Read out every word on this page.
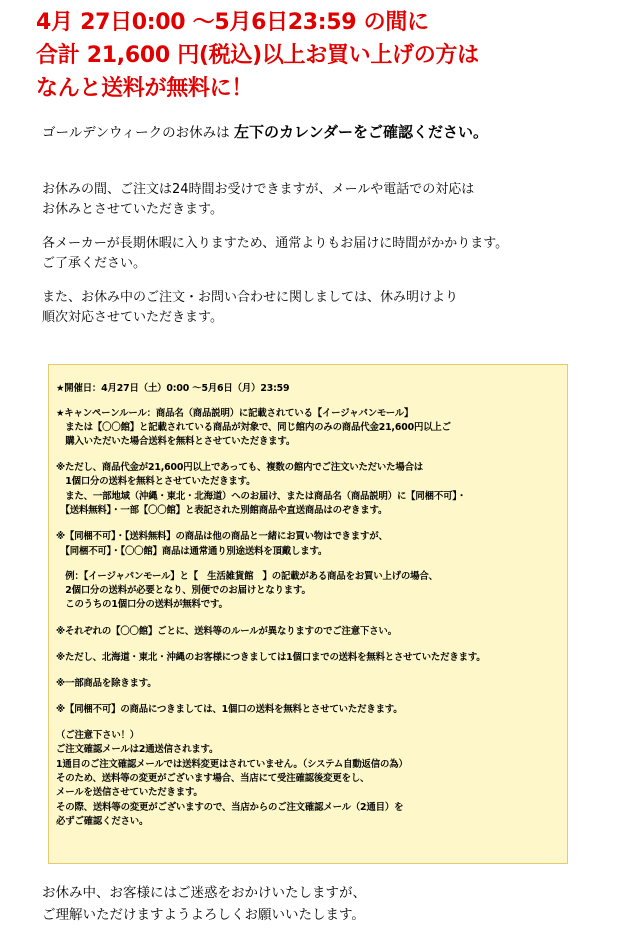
4月 27日0:00 ～5月6日23:59 の間に
合計 21,600 円(税込)以上お買い上げの方は
なんと送料が無料に！
ゴールデンウィークのお休みは 左下のカレンダーをご確認ください。
お休みの間、ご注文は24時間お受けできますが、メールや電話での対応は
お休みとさせていただきます。
各メーカーが長期休暇に入りますため、通常よりもお届けに時間がかかります。
ご了承ください。
また、お休み中のご注文・お問い合わせに関しましては、休み明けより
順次対応させていただきます。
★開催日：4月27日（土）0:00 ～5月6日（月）23:59
★キャンペーンルール：商品名（商品説明）に記載されている【イージャパンモール】
　または【〇〇館】と記載されている商品が対象で、同じ館内のみの商品代金21,600円以上ご
　購入いただいた場合送料を無料とさせていただきます。
※ただし、商品代金が21,600円以上であっても、複数の館内でご注文いただいた場合は
　1個口分の送料を無料とさせていただきます。
　また、一部地域（沖縄・東北・北海道）へのお届け、または商品名（商品説明）に【同梱不可】・
　【送料無料】・一部【〇〇館】と表記された別館商品や直送商品はのぞきます。
※【同梱不可】・【送料無料】の商品は他の商品と一緒にお買い物はできますが、
　【同梱不可】・【〇〇館】商品は通常通り別途送料を頂戴します。
　例：【イージャパンモール】と【　生活雑貨館　】の記載がある商品をお買い上げの場合、
　2個口分の送料が必要となり、別便でのお届けとなります。
　このうちの1個口分の送料が無料です。
※それぞれの【〇〇館】ごとに、送料等のルールが異なりますのでご注意下さい。
※ただし、北海道・東北・沖縄のお客様につきましては1個口までの送料を無料とさせていただきます。
※一部商品を除きます。
※【同梱不可】の商品につきましては、1個口の送料を無料とさせていただきます。
（ご注意下さい！）
ご注文確認メールは2通送信されます。
1通目のご注文確認メールでは送料変更はされていません。（システム自動返信の為）
そのため、送料等の変更がございます場合、当店にて受注確認後変更をし、
メールを送信させていただきます。
その際、送料等の変更がございますので、当店からのご注文確認メール（2通目）を
必ずご確認ください。
お休み中、お客様にはご迷惑をおかけいたしますが、
ご理解いただけますようよろしくお願いいたします。
